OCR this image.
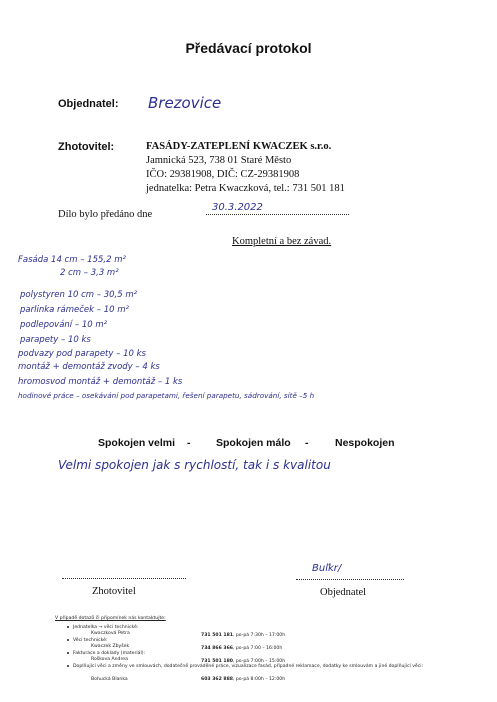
Předávací protokol
Objednatel: Brezovice
Zhotovitel:	FASÁDY-ZATEPLENÍ KWACZEK s.r.o.
Jamnická 523, 738 01 Staré Město
IČO: 29381908, DIČ: CZ-29381908
jednatelka: Petra Kwaczková, tel.: 731 501 181
Dílo bylo předáno dne
30.3.2022
Kompletní a bez závad.
Fasáda 14 cm – 155,2 m²
2 cm – 3,3 m²
polystyren 10 cm – 30,5 m²
parlinka rámeček – 10 m²
podlepování – 10 m²
parapety – 10 ks
podvazy pod parapety – 10 ks
montáž + demontáž zvody – 4 ks
hromosvod montáž + demontáž – 1 ks
hodinové práce – osekávání pod parapetami, řešení parapetu, sádrování, sítě –5 h
Spokojen velmi - Spokojen málo -	Nespokojen
Velmi spokojen jak s rychlostí, tak i s kvalitou
Zhotovitel
Buľkr/
Objednatel
V případě dotazů či připomínek nás kontaktujte:
Jednatelka → věci technické:
Kwaczková Petra	731 501 181, po-pá 7:30h – 17:00h
Věci technické:
Kwaczek Zbyšek	734 866 366, po-pá 7:00 – 16:00h
Fakturace a doklady (materiál):
Roškova Andrea	731 501 180, po-pá 7:00h – 15:00h
Doplňující věci a změny ve smlouvách, dodatečně prováděné práce, vizualizace fasád, případné reklamace, dodatky ke smlouvám a jiné doplňující věci:
Bohucká Blanka	603 362 888, po-pá 8:00h – 12:00h
